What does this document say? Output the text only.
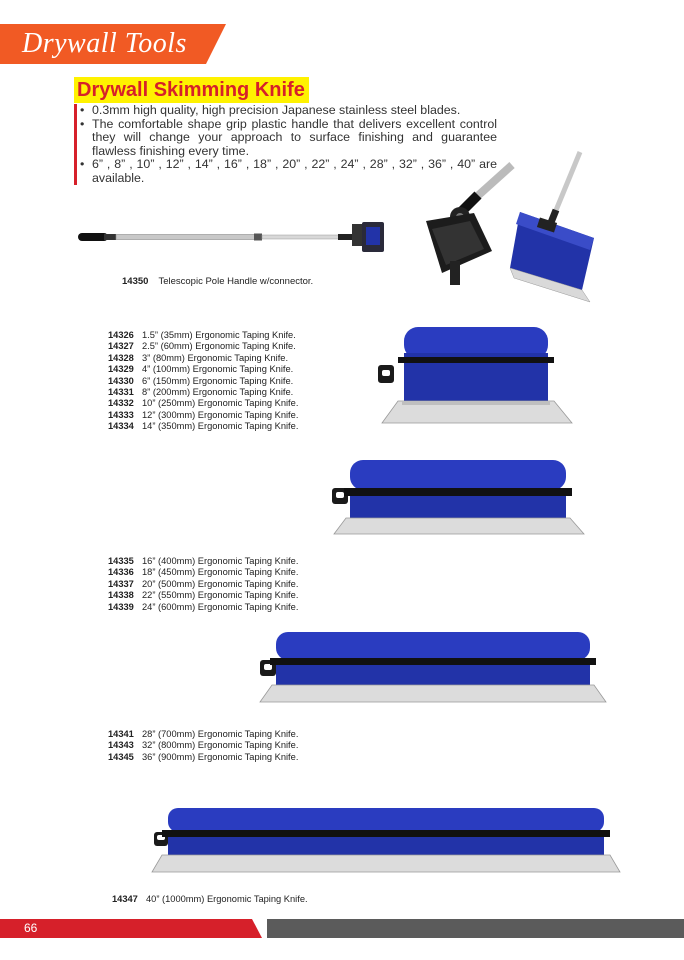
Drywall Tools
Drywall Skimming Knife
• 0.3mm high quality, high precision Japanese stainless steel blades.
• The comfortable shape grip plastic handle that delivers excellent control they will change your approach to surface finishing and guarantee flawless finishing every time.
• 6” , 8” , 10” , 12” , 14” , 16” , 18” , 20” , 22” , 24” , 28” , 32” , 36” , 40” are available.
14350 Telescopic Pole Handle w/connector.
14326 1.5” (35mm) Ergonomic Taping Knife.
14327 2.5” (60mm) Ergonomic Taping Knife.
14328 3” (80mm) Ergonomic Taping Knife.
14329 4” (100mm) Ergonomic Taping Knife.
14330 6” (150mm) Ergonomic Taping Knife.
14331 8” (200mm) Ergonomic Taping Knife.
14332 10” (250mm) Ergonomic Taping Knife.
14333 12” (300mm) Ergonomic Taping Knife.
14334 14” (350mm) Ergonomic Taping Knife.
14335 16” (400mm) Ergonomic Taping Knife.
14336 18” (450mm) Ergonomic Taping Knife.
14337 20” (500mm) Ergonomic Taping Knife.
14338 22” (550mm) Ergonomic Taping Knife.
14339 24” (600mm) Ergonomic Taping Knife.
14341 28” (700mm) Ergonomic Taping Knife.
14343 32” (800mm) Ergonomic Taping Knife.
14345 36” (900mm) Ergonomic Taping Knife.
14347 40” (1000mm) Ergonomic Taping Knife.
66
